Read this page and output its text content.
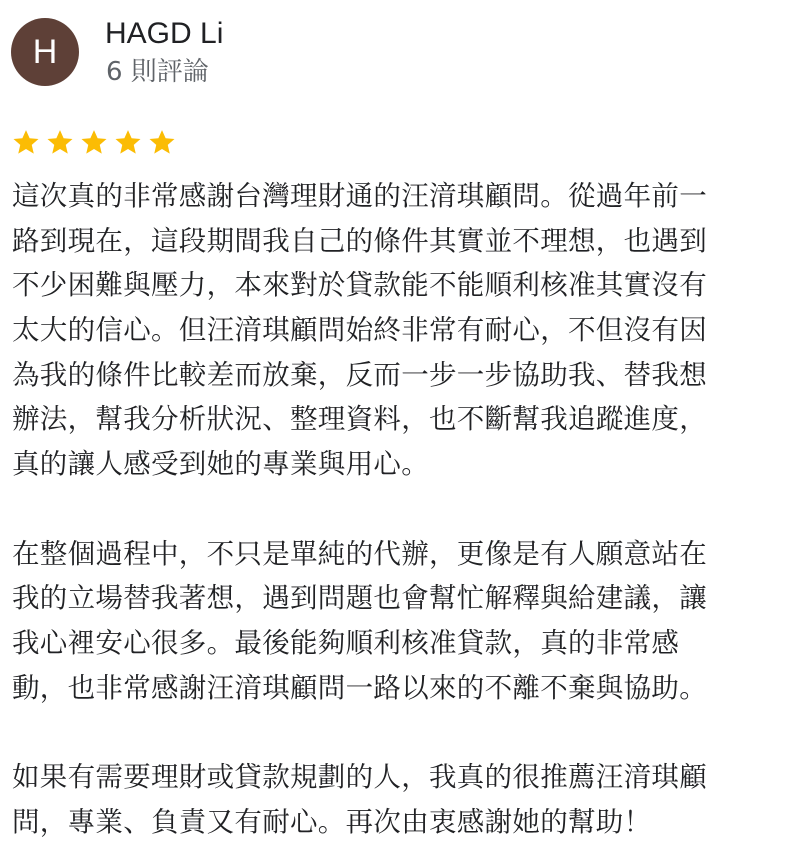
H HAGD Li
6 則評論
這次真的非常感謝台灣理財通的汪湇琪顧問。從過年前一
路到現在，這段期間我自己的條件其實並不理想，也遇到
不少困難與壓力，本來對於貸款能不能順利核准其實沒有
太大的信心。但汪湇琪顧問始終非常有耐心，不但沒有因
為我的條件比較差而放棄，反而一步一步協助我、替我想
辦法，幫我分析狀況、整理資料，也不斷幫我追蹤進度，
真的讓人感受到她的專業與用心。
在整個過程中，不只是單純的代辦，更像是有人願意站在
我的立場替我著想，遇到問題也會幫忙解釋與給建議，讓
我心裡安心很多。最後能夠順利核准貸款，真的非常感
動，也非常感謝汪湇琪顧問一路以來的不離不棄與協助。
如果有需要理財或貸款規劃的人，我真的很推薦汪湇琪顧
問，專業、負責又有耐心。再次由衷感謝她的幫助！
